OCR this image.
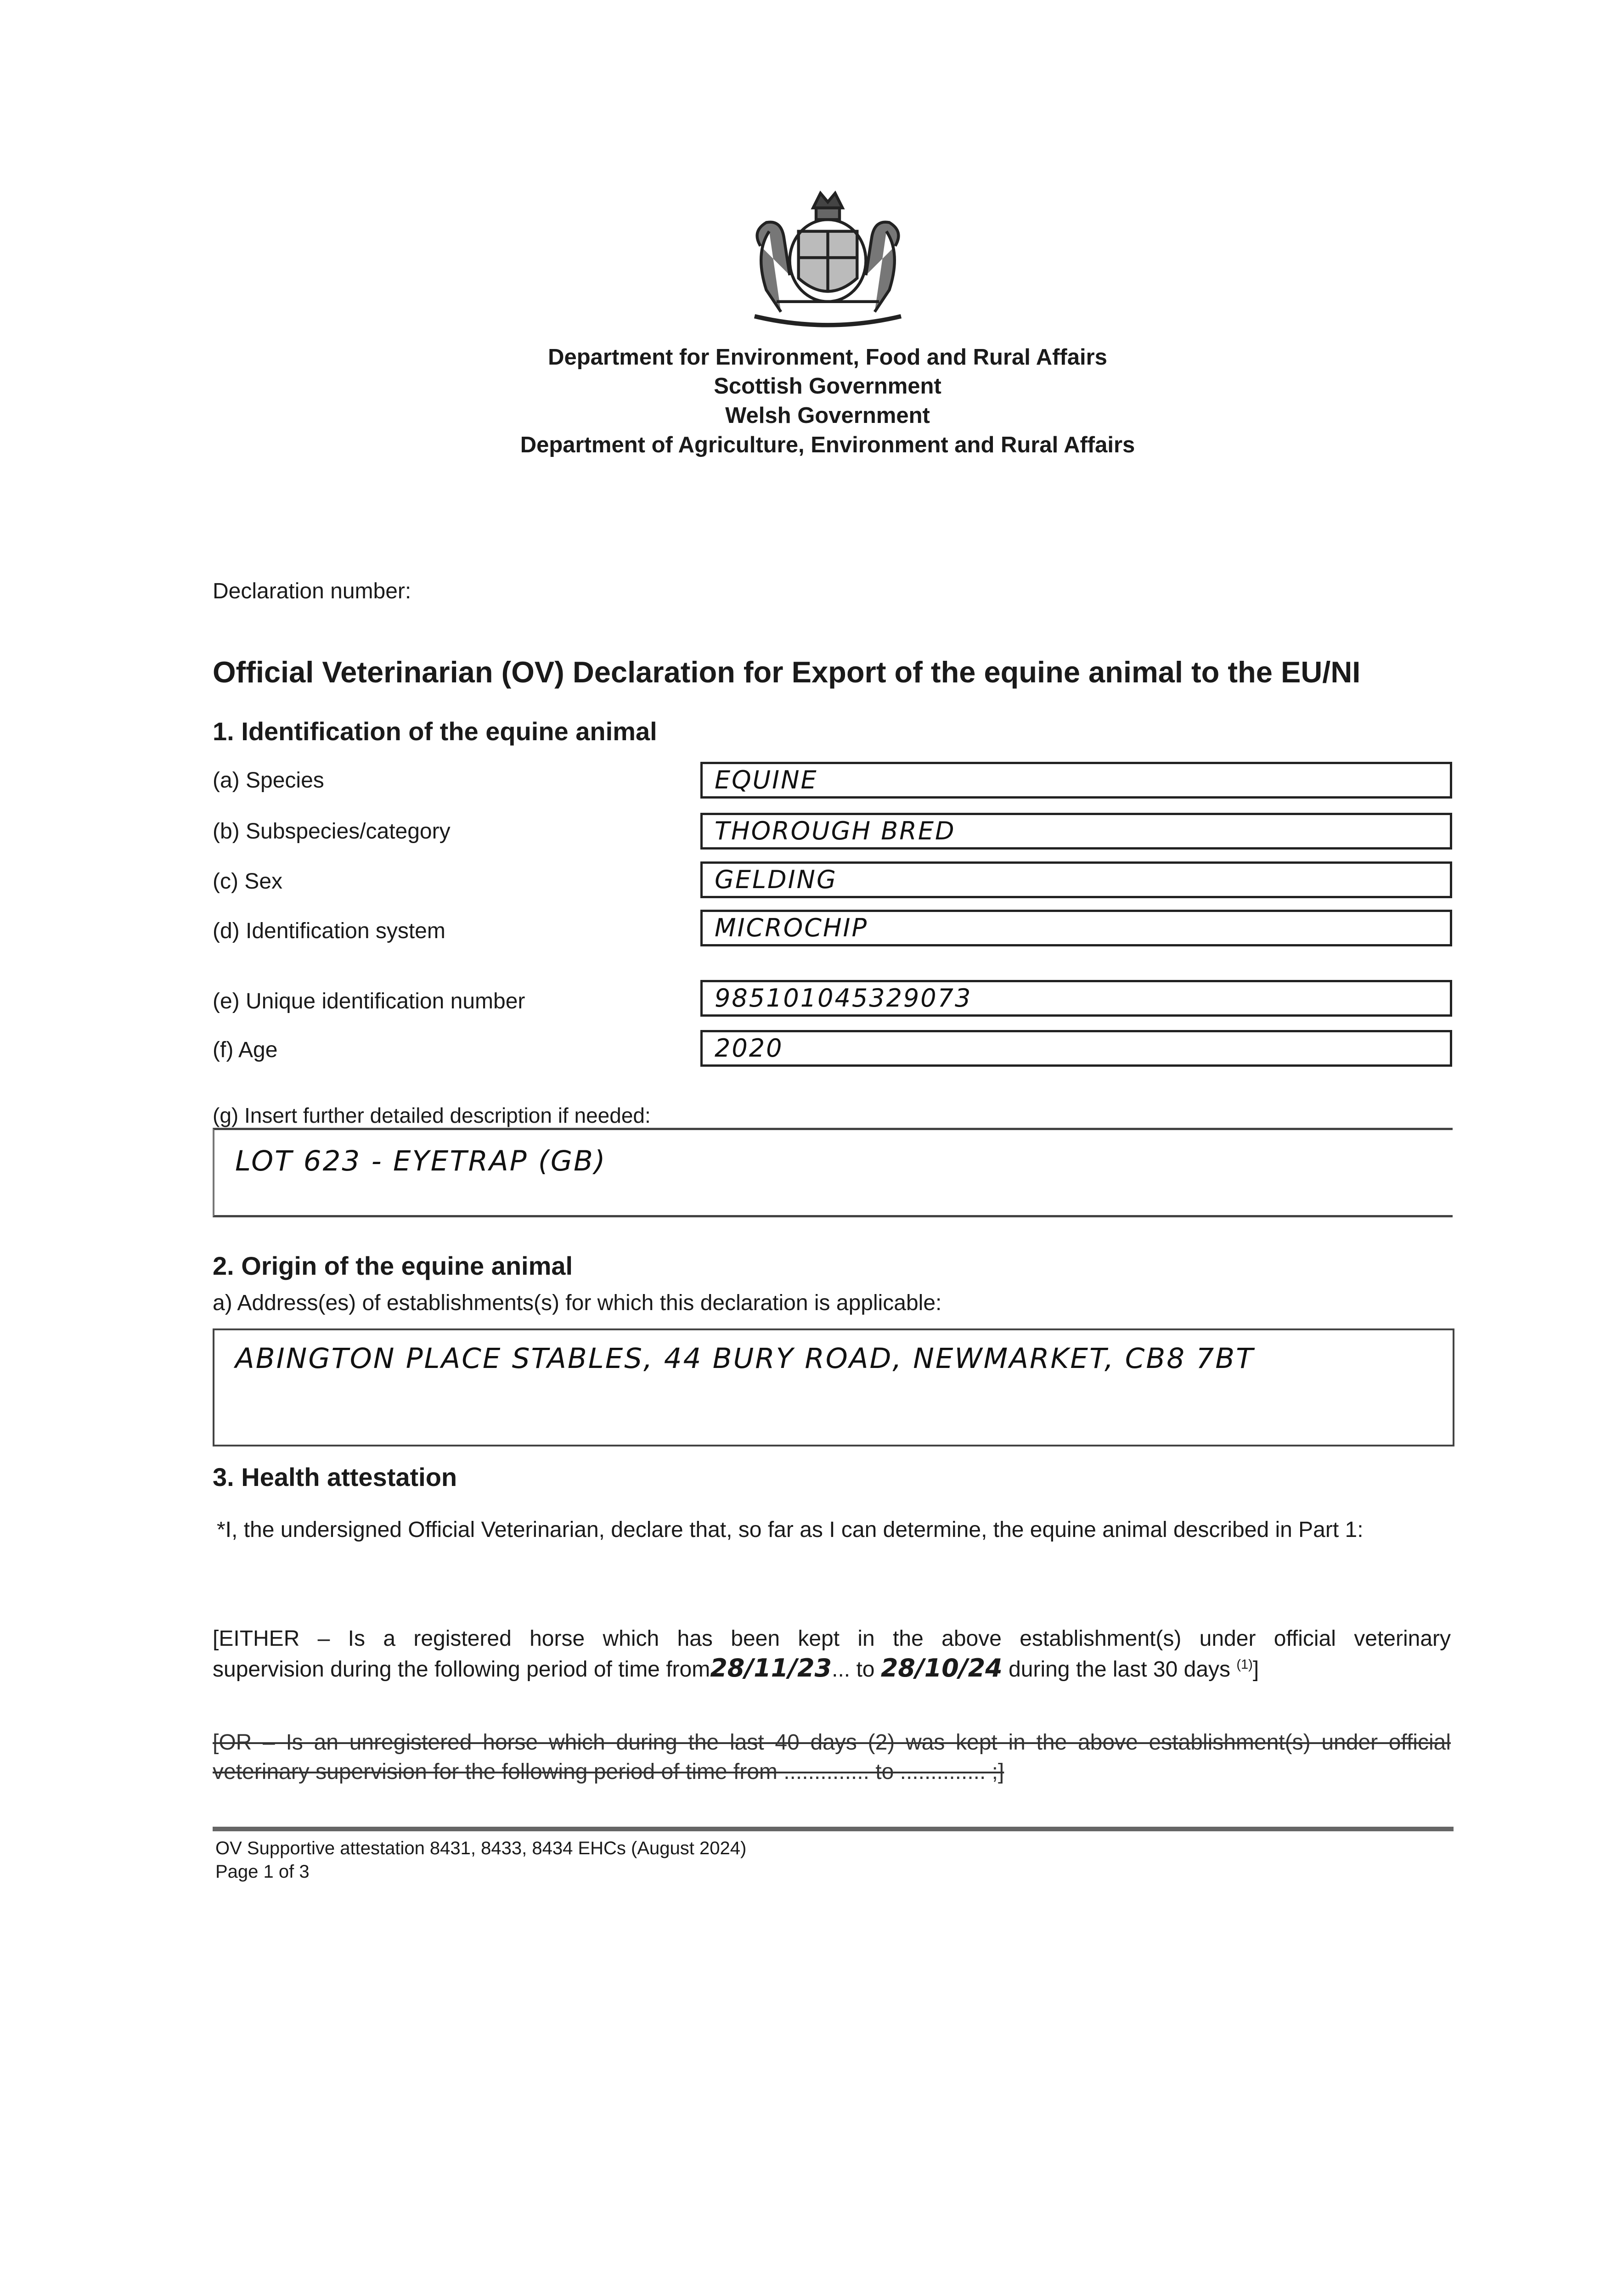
Department for Environment, Food and Rural Affairs
Scottish Government
Welsh Government
Department of Agriculture, Environment and Rural Affairs
Declaration number:
Official Veterinarian (OV) Declaration for Export of the equine animal to the EU/NI
1. Identification of the equine animal
(a) Species	EQUINE
(b) Subspecies/category	THOROUGH BRED
(c) Sex	GELDING
(d) Identification system	MICROCHIP
(e) Unique identification number	985101045329073
(f) Age	2020
(g) Insert further detailed description if needed:
LOT 623 - EYETRAP (GB)
2. Origin of the equine animal
a) Address(es) of establishments(s) for which this declaration is applicable:
ABINGTON PLACE STABLES, 44 BURY ROAD, NEWMARKET, CB8 7BT
3. Health attestation
*I, the undersigned Official Veterinarian, declare that, so far as I can determine, the equine animal described in Part 1:
[EITHER – Is a registered horse which has been kept in the above establishment(s) under official veterinary
supervision during the following period of time from28/11/23... to 28/10/24 during the last 30 days $^{(1)}$]
[OR – Is an unregistered horse which during the last 40 days (2) was kept in the above establishment(s) under official
veterinary supervision for the following period of time from .............. to .............. ;]
OV Supportive attestation 8431, 8433, 8434 EHCs (August 2024)
Page 1 of 3
